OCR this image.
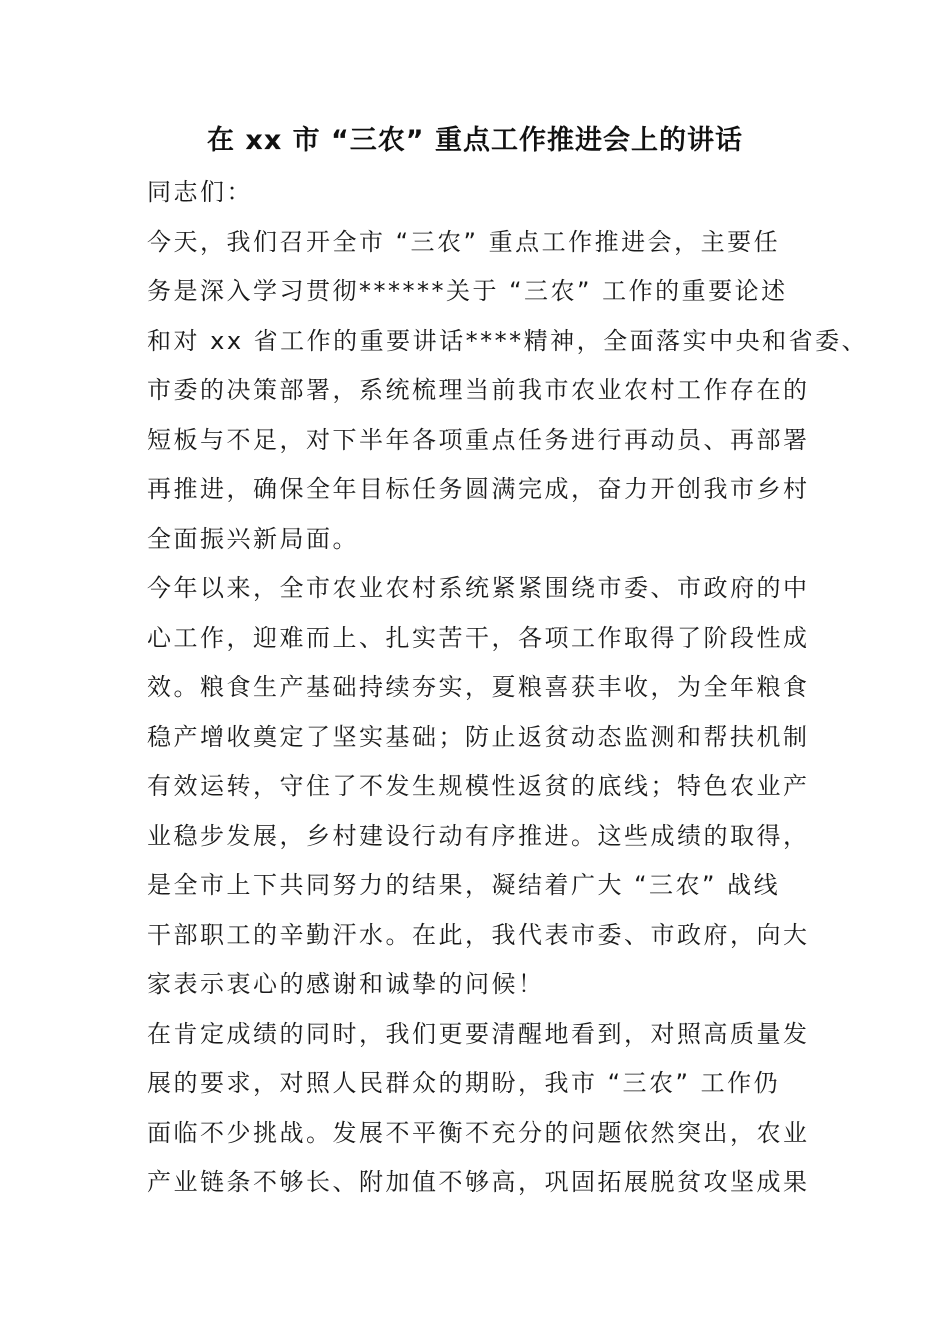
在 xx 市 “三农” 重点工作推进会上的讲话
同志们：
今天，我们召开全市 “三农” 重点工作推进会，主要任
务是深入学习贯彻******关于 “三农” 工作的重要论述
和对 xx 省工作的重要讲话****精神，全面落实中央和省委、
市委的决策部署，系统梳理当前我市农业农村工作存在的
短板与不足，对下半年各项重点任务进行再动员、再部署
再推进，确保全年目标任务圆满完成，奋力开创我市乡村
全面振兴新局面。
今年以来，全市农业农村系统紧紧围绕市委、市政府的中
心工作，迎难而上、扎实苦干，各项工作取得了阶段性成
效。粮食生产基础持续夯实，夏粮喜获丰收，为全年粮食
稳产增收奠定了坚实基础；防止返贫动态监测和帮扶机制
有效运转，守住了不发生规模性返贫的底线；特色农业产
业稳步发展，乡村建设行动有序推进。这些成绩的取得，
是全市上下共同努力的结果，凝结着广大 “三农” 战线
干部职工的辛勤汗水。在此，我代表市委、市政府，向大
家表示衷心的感谢和诚挚的问候！
在肯定成绩的同时，我们更要清醒地看到，对照高质量发
展的要求，对照人民群众的期盼，我市 “三农” 工作仍
面临不少挑战。发展不平衡不充分的问题依然突出，农业
产业链条不够长、附加值不够高，巩固拓展脱贫攻坚成果
